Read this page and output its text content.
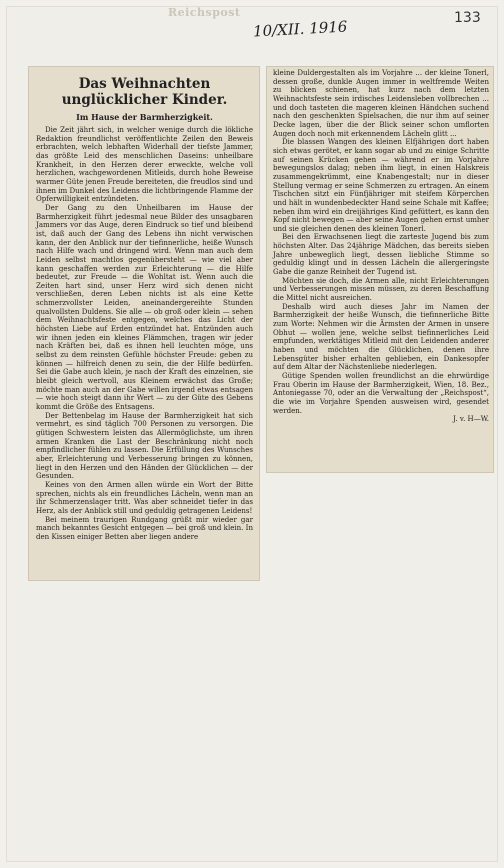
Reichspost
10/XII. 1916	133
Das Weihnachten unglücklicher Kinder.
Im Hause der Barmherzigkeit.

Die Zeit jährt sich, in welcher wenige durch die lökliche Redaktion freundlichst veröffentlichte Zeilen den Beweis erbrachten, welch lebhaften Widerhall der tiefste Jammer, das größte Leid des menschlichen Daseins: unheilbare Krankheit, in den Herzen derer erweckte, welche voll herzlichen, wachgewordenen Mitleids, durch hohe Beweise warmer Güte jenen Freude bereiteten, die freudlos sind und ihnen im Dunkel des Leidens die lichtbringende Flamme der Opferwilligkeit entzündeten.

Der Gang zu den Unheilbaren im Hause der Barmherzigkeit führt jedesmal neue Bilder des unsagbaren Jammers vor das Auge, deren Eindruck so tief und bleibend ist, daß auch der Gang des Lebens ihn nicht verwischen kann, der den Anblick nur der tiefinnerliche, heiße Wunsch nach Hilfe wach und dringend wird. Wenn man auch dem Leiden selbst machtlos gegenübersteht — wie viel aber kann geschaffen werden zur Erleichterung — die Hilfe bedeutet, zur Freude — die Wohltat ist. Wenn auch die Zeiten hart sind, unser Herz wird sich denen nicht verschließen, deren Leben nichts ist als eine Kette schmerzvollster Leiden, aneinandergereihte Stunden qualvollsten Duldens. Sie alle — ob groß oder klein — sehen dem Weihnachtsfeste entgegen, welches das Licht der höchsten Liebe auf Erden entzündet hat. Entzünden auch wir ihnen jeden ein kleines Flämmchen, tragen wir jeder nach Kräften bei, daß es ihnen hell leuchten möge, uns selbst zu dem reinsten Gefühle höchster Freude: geben zu können — hilfreich denen zu sein, die der Hilfe bedürfen. Sei die Gabe auch klein, je nach der Kraft des einzelnen, sie bleibt gleich wertvoll, aus Kleinem erwächst das Große; möchte man auch an der Gabe willen irgend etwas entsagen — wie hoch steigt dann ihr Wert — zu der Güte des Gebens kommt die Größe des Entsagens.

Der Bettenbelag im Hause der Barmherzigkeit hat sich vermehrt, es sind täglich 700 Personen zu versorgen. Die gütigen Schwestern leisten das Allermöglichste, um ihren armen Kranken die Last der Beschränkung nicht noch empfindlicher fühlen zu lassen. Die Erfüllung des Wunsches aber, Erleichterung und Verbesserung bringen zu können, liegt in den Herzen und den Händen der Glücklichen — der Gesunden.

Keines von den Armen allen würde ein Wort der Bitte sprechen, nichts als ein freundliches Lächeln, wenn man an ihr Schmerzenslager tritt. Was aber schneidet tiefer in das Herz, als der Anblick still und geduldig getragenen Leidens!

Bei meinem traurigen Rundgang grüßt mir wieder gar manch bekanntes Gesicht entgegen — bei groß und klein. In den Kissen einiger Betten aber liegen andere

kleine Duldergestalten als im Vorjahre ... der kleine Tonerl, dessen große, dunkle Augen immer in weltfremde Weiten zu blicken schienen, hat kurz nach dem letzten Weihnachtsfeste sein irdisches Leidensleben vollbrechen ... und doch tasteten die mageren kleinen Händchen suchend nach den geschenkten Spielsachen, die nur ihm auf seiner Decke lagen, über die der Blick seiner schon umflorten Augen doch noch mit erkennendem Lächeln glitt ...

Die blassen Wangen des kleinen Elfjährigen dort haben sich etwas gerötet, er kann sogar ab und zu einige Schritte auf seinen Krücken gehen — während er im Vorjahre bewegungslos dalag; neben ihm liegt, in einen Halskreis zusammengekrümmt, eine Knabengestalt; nur in dieser Stellung vermag er seine Schmerzen zu ertragen. An einem Tischchen sitzt ein Fünfjähriger mit steifem Körperchen und hält in wundenbedeckter Hand seine Schale mit Kaffee; neben ihm wird ein dreijähriges Kind gefüttert, es kann den Kopf nicht bewegen — aber seine Augen gehen ernst umher und sie gleichen denen des kleinen Tonerl.

Bei den Erwachsenen liegt die zarteste Jugend bis zum höchsten Alter. Das 24jährige Mädchen, das bereits sieben Jahre unbeweglich liegt, dessen liebliche Stimme so geduldig klingt und in dessen Lächeln die allergeringste Gabe die ganze Reinheit der Tugend ist.

Möchten sie doch, die Armen alle, nicht Erleichterungen und Verbesserungen missen müssen, zu deren Beschaffung die Mittel nicht ausreichen.

Deshalb wird auch dieses Jahr im Namen der Barmherzigkeit der heiße Wunsch, die tiefinnerliche Bitte zum Worte: Nehmen wir die Ärmsten der Armen in unsere Obhut — wollen jene, welche selbst tiefinnerliches Leid empfunden, werktätiges Mitleid mit den Leidenden anderer haben und möchten die Glücklichen, denen ihre Lebensgüter bisher erhalten geblieben, ein Dankesopfer auf dem Altar der Nächstenliebe niederlegen.

Gütige Spenden wollen freundlichst an die ehrwürdige Frau Oberin im Hause der Barmherzigkeit, Wien, 18. Bez., Antoniegasse 70, oder an die Verwaltung der „Reichspost“, die wie im Vorjahre Spenden ausweisen wird, gesendet werden.

J. v. H—W.
